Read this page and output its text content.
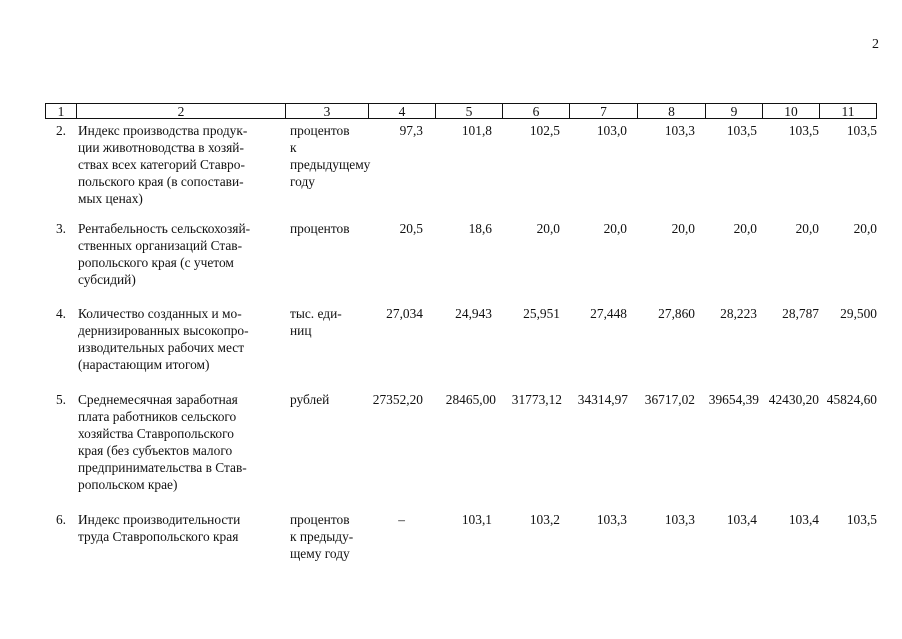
2
1	2	3	4	5	6	7	8	9	10	11
2. Индекс производства продук-
ции животноводства в хозяй-
ствах всех категорий Ставро-
польского края (в сопостави-
мых ценах)
процентов
к предыдущему
году
97,3	101,8	102,5	103,0	103,3	103,5	103,5	103,5
3. Рентабельность сельскохозяй-
ственных организаций Став-
ропольского края (с учетом
субсидий)
процентов	20,5	18,6	20,0	20,0	20,0	20,0	20,0	20,0
4. Количество созданных и мо-
дернизированных высокопро-
изводительных рабочих мест
(нарастающим итогом)
тыс. еди-
ниц
27,034	24,943	25,951	27,448	27,860	28,223	28,787	29,500
5. Среднемесячная заработная
плата работников сельского
хозяйства Ставропольского
края (без субъектов малого
предпринимательства в Став-
ропольском крае)
рублей	27352,20	28465,00	31773,12	34314,97	36717,02	39654,39 42430,20 45824,60
6. Индекс производительности
труда Ставропольского края
процентов
к предыду-
щему году
–	103,1	103,2	103,3	103,3	103,4	103,4	103,5
